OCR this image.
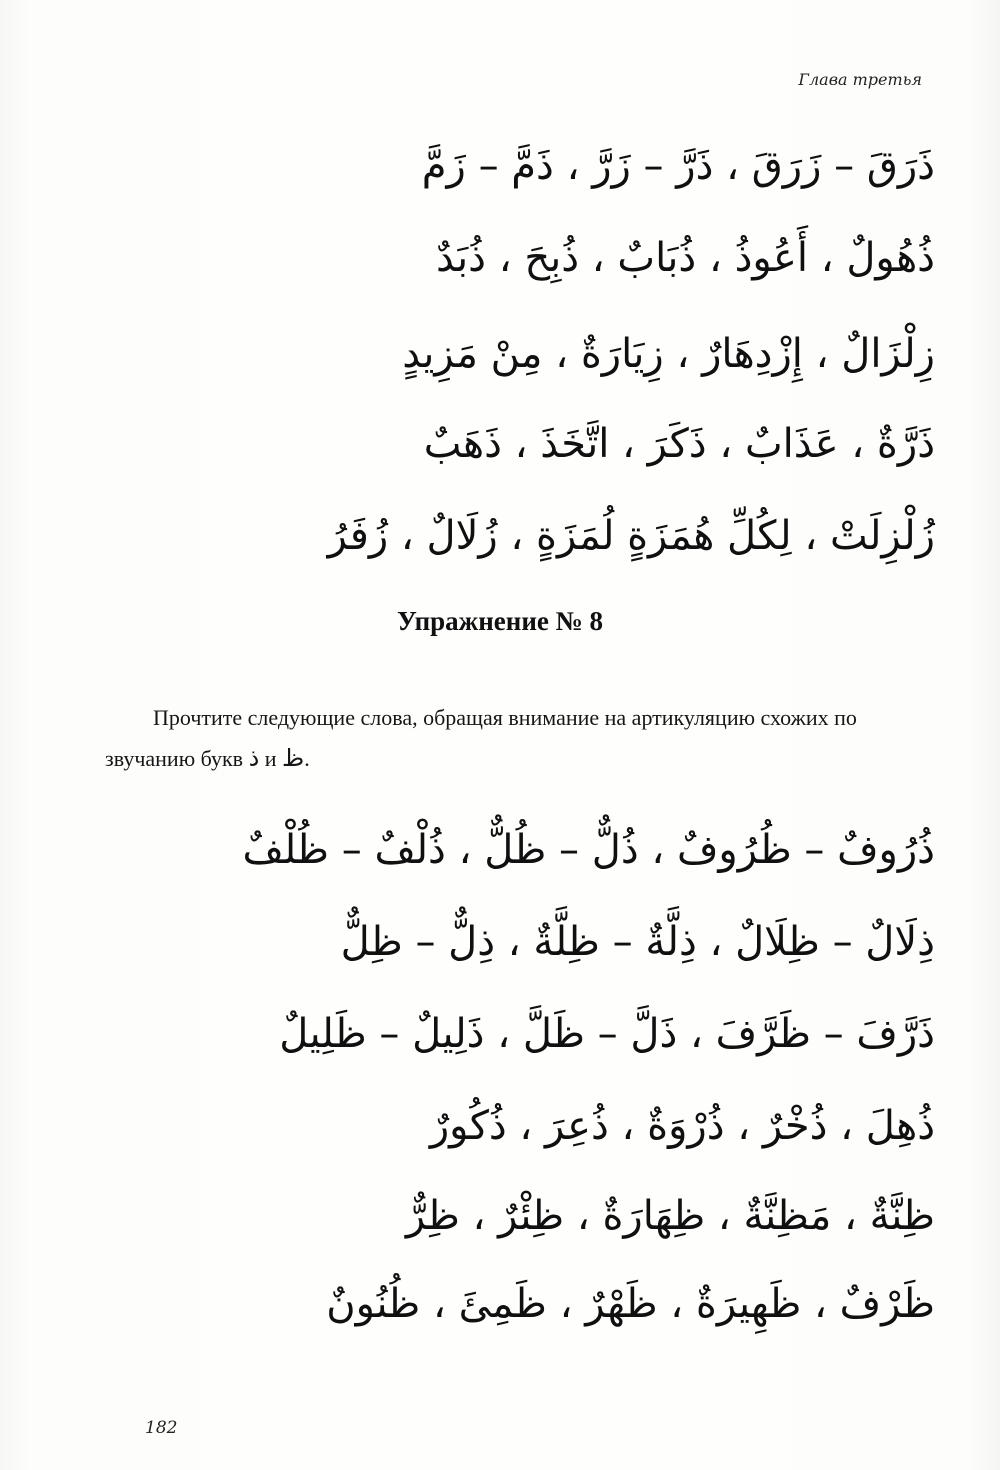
Глава третья
ذَرَقَ – زَرَقَ ، ذَرَّ – زَرَّ ، ذَمَّ – زَمَّ
ذُهُولٌ ، أَعُوذُ ، ذُبَابٌ ، ذُبِحَ ، ذُبَدٌ
زِلْزَالٌ ، إِزْدِهَارٌ ، زِيَارَةٌ ، مِنْ مَزِيدٍ
ذَرَّةٌ ، عَذَابٌ ، ذَكَرَ ، اتَّخَذَ ، ذَهَبٌ
زُلْزِلَتْ ، لِكُلِّ هُمَزَةٍ لُمَزَةٍ ، زُلَالٌ ، زُفَرُ
Упражнение № 8
Прочтите следующие слова, обращая внимание на артикуляцию схожих по звучанию букв ذ и ظ.
ذُرُوفٌ – ظُرُوفٌ ، ذُلٌّ – ظُلٌّ ، ذُلْفٌ – ظُلْفٌ
ذِلَالٌ – ظِلَالٌ ، ذِلَّةٌ – ظِلَّةٌ ، ذِلٌّ – ظِلٌّ
ذَرَّفَ – ظَرَّفَ ، ذَلَّ – ظَلَّ ، ذَلِيلٌ – ظَلِيلٌ
ذُهِلَ ، ذُخْرٌ ، ذُرْوَةٌ ، ذُعِرَ ، ذُكُورٌ
ظِنَّةٌ ، مَظِنَّةٌ ، ظِهَارَةٌ ، ظِئْرٌ ، ظِرٌّ
ظَرْفٌ ، ظَهِيرَةٌ ، ظَهْرٌ ، ظَمِئَ ، ظُنُونٌ
182
